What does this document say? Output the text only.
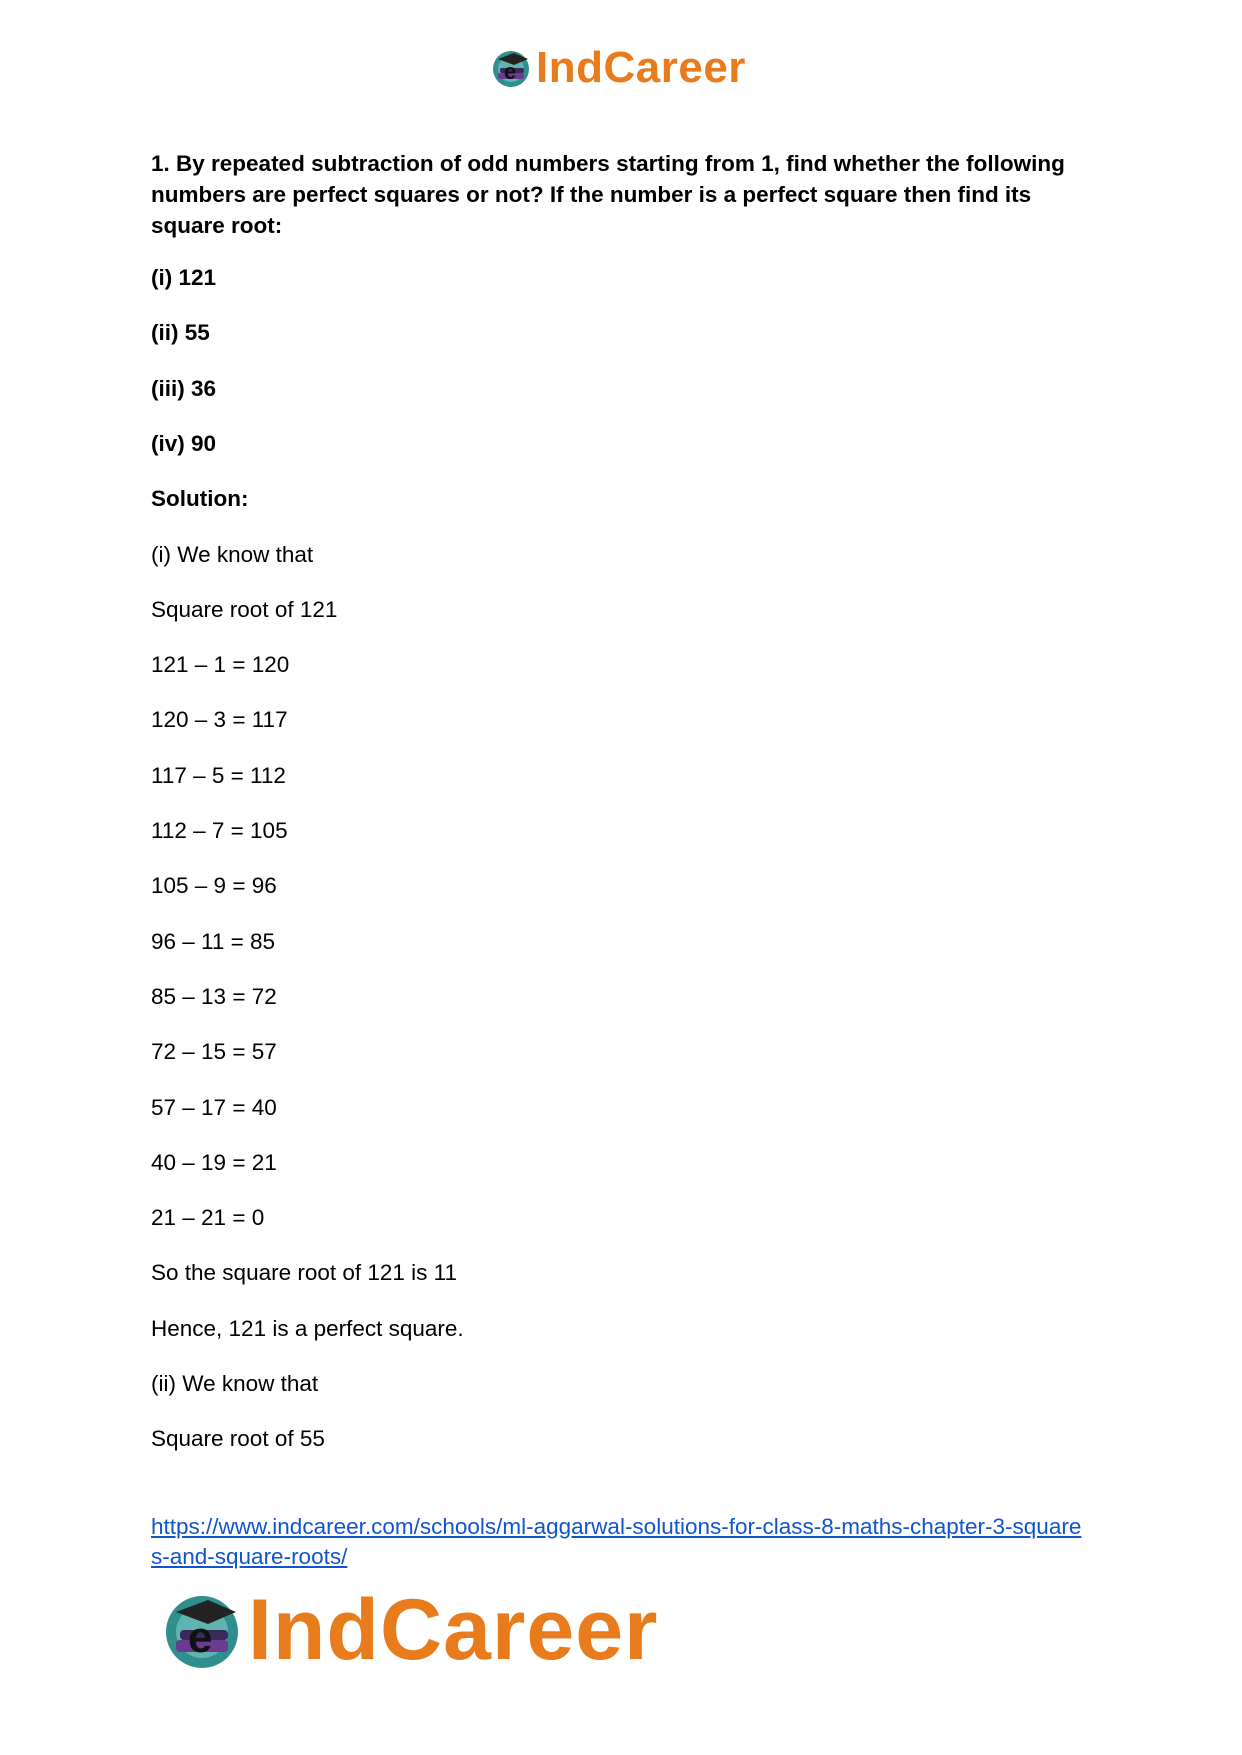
e IndCareer

1. By repeated subtraction of odd numbers starting from 1, find whether the following numbers are perfect squares or not? If the number is a perfect square then find its square root:

(i) 121

(ii) 55

(iii) 36

(iv) 90

Solution:

(i) We know that

Square root of 121

121 – 1 = 120

120 – 3 = 117

117 – 5 = 112

112 – 7 = 105

105 – 9 = 96

96 – 11 = 85

85 – 13 = 72

72 – 15 = 57

57 – 17 = 40

40 – 19 = 21

21 – 21 = 0

So the square root of 121 is 11

Hence, 121 is a perfect square.

(ii) We know that

Square root of 55

https://www.indcareer.com/schools/ml-aggarwal-solutions-for-class-8-maths-chapter-3-squares-and-square-roots/
e IndCareer
